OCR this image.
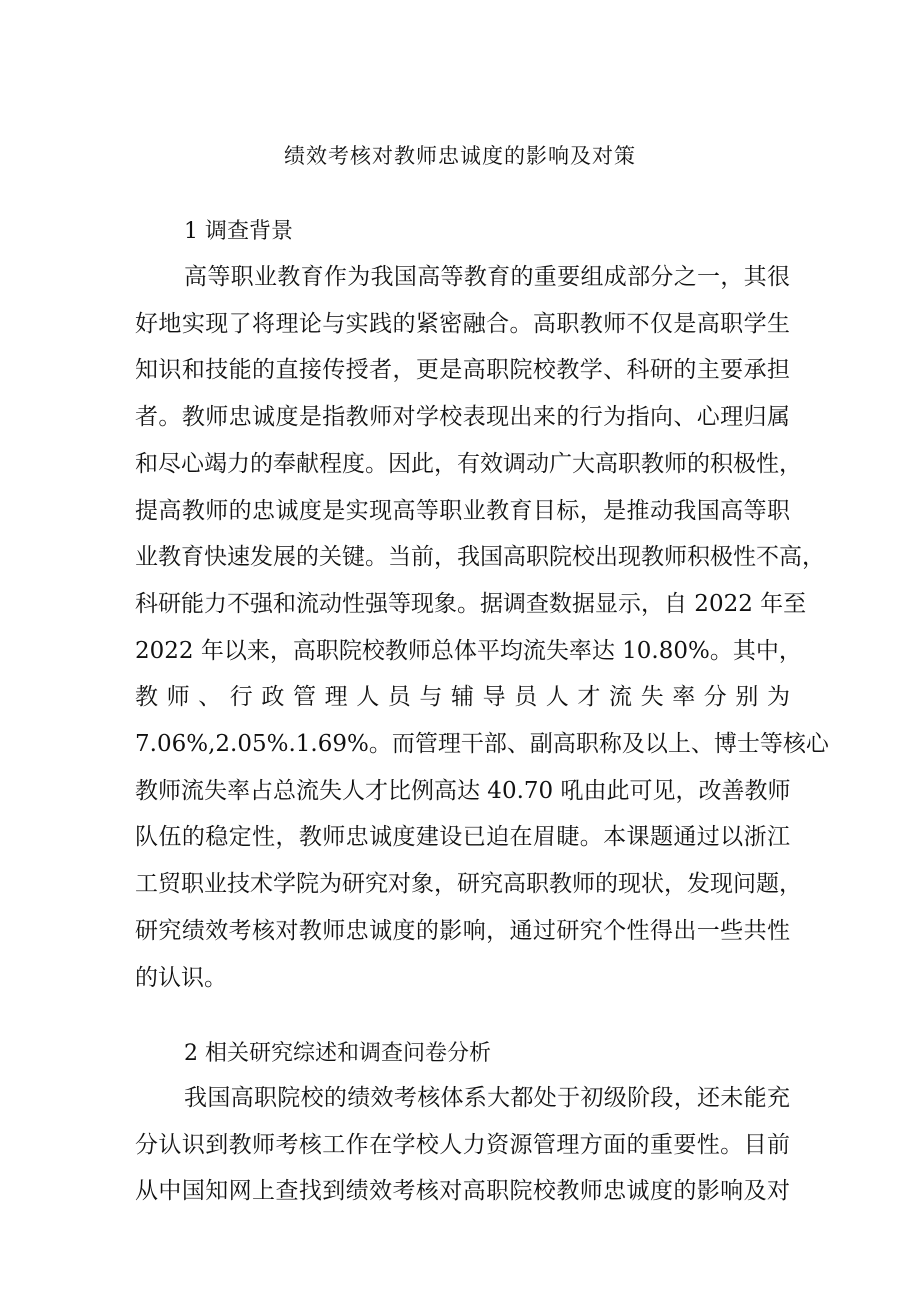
绩效考核对教师忠诚度的影响及对策
1 调查背景
高等职业教育作为我国高等教育的重要组成部分之一，其很
好地实现了将理论与实践的紧密融合。高职教师不仅是高职学生
知识和技能的直接传授者，更是高职院校教学、科研的主要承担
者。教师忠诚度是指教师对学校表现出来的行为指向、心理归属
和尽心竭力的奉献程度。因此，有效调动广大高职教师的积极性，
提高教师的忠诚度是实现高等职业教育目标，是推动我国高等职
业教育快速发展的关键。当前，我国高职院校出现教师积极性不高，
科研能力不强和流动性强等现象。据调查数据显示，自 2022 年至
2022 年以来，高职院校教师总体平均流失率达 10.80%。其中，
教 师 、 行 政 管 理 人 员 与 辅 导 员 人 才 流 失 率 分 别 为
7.06%,2.05%.1.69%。而管理干部、副高职称及以上、博士等核心
教师流失率占总流失人才比例高达 40.70 吼由此可见，改善教师
队伍的稳定性，教师忠诚度建设已迫在眉睫。本课题通过以浙江
工贸职业技术学院为研究对象，研究高职教师的现状，发现问题，
研究绩效考核对教师忠诚度的影响，通过研究个性得出一些共性
的认识。
2 相关研究综述和调查问卷分析
我国高职院校的绩效考核体系大都处于初级阶段，还未能充
分认识到教师考核工作在学校人力资源管理方面的重要性。目前
从中国知网上查找到绩效考核对高职院校教师忠诚度的影响及对
